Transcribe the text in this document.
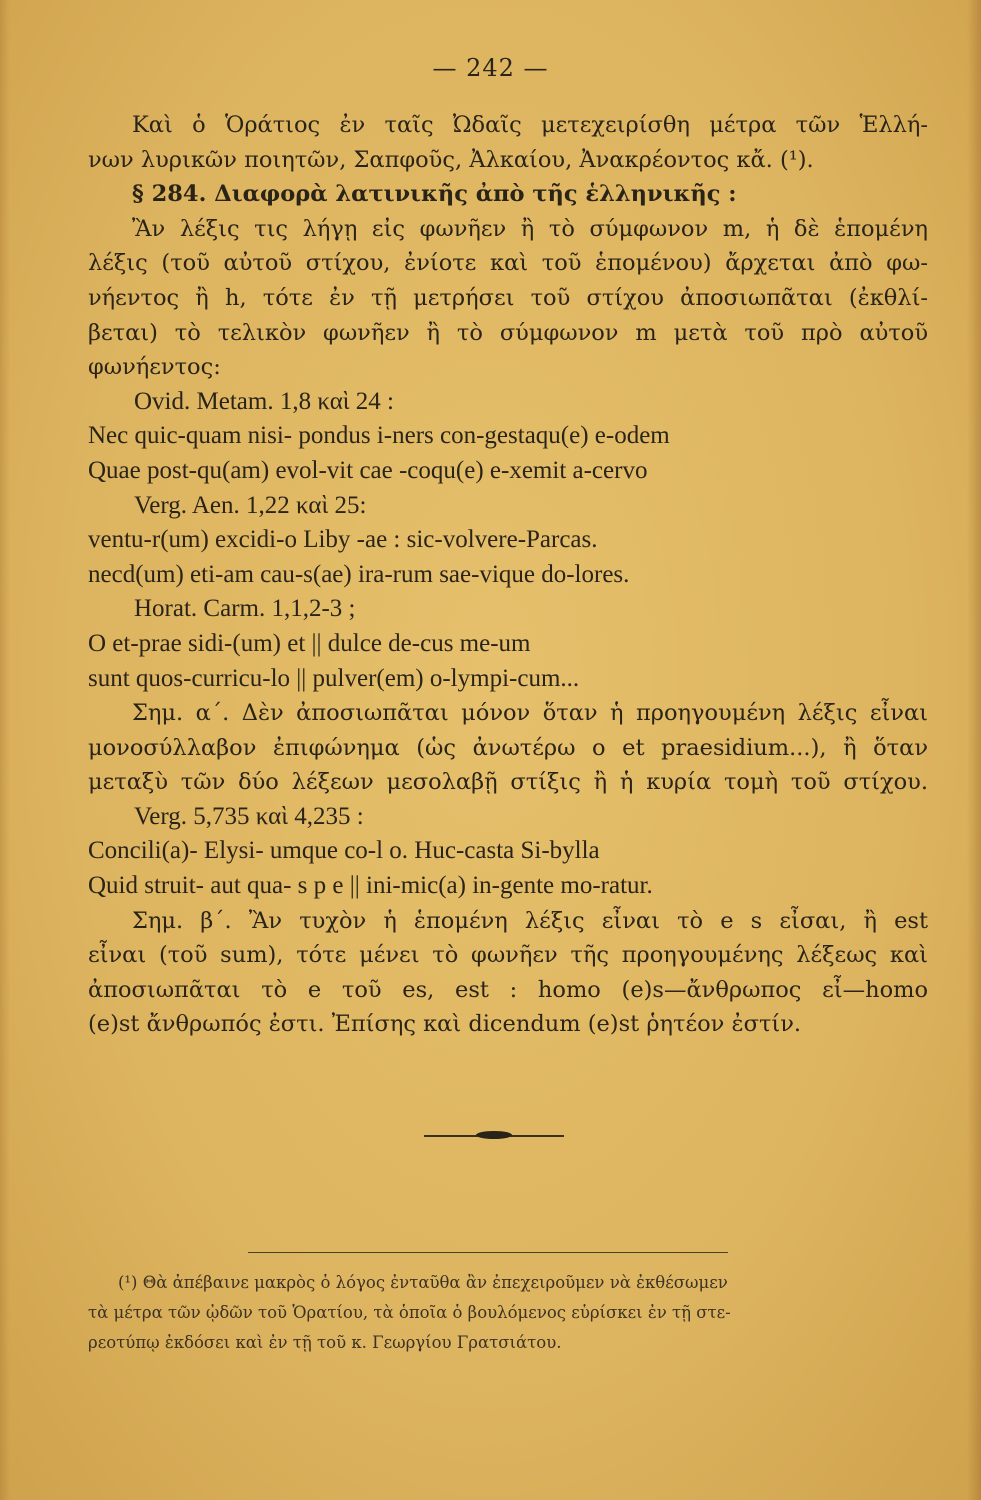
— 242 —
Καὶ ὁ Ὁράτιος ἐν ταῖς Ὠδαῖς μετεχειρίσθη μέτρα τῶν Ἑλλή-
νων λυρικῶν ποιητῶν, Σαπφοῦς, Ἀλκαίου, Ἀνακρέοντος κἄ. (¹).
§ 284. Διαφορὰ λατινικῆς ἀπὸ τῆς ἑλληνικῆς :
Ἂν λέξις τις λήγῃ εἰς φωνῆεν ἢ τὸ σύμφωνον m, ἡ δὲ ἑπομένη
λέξις (τοῦ αὐτοῦ στίχου, ἐνίοτε καὶ τοῦ ἑπομένου) ἄρχεται ἀπὸ φω-
νήεντος ἢ h, τότε ἐν τῇ μετρήσει τοῦ στίχου ἀποσιωπᾶται (ἐκθλί-
βεται) τὸ τελικὸν φωνῆεν ἢ τὸ σύμφωνον m μετὰ τοῦ πρὸ αὐτοῦ
φωνήεντος:
Ovid. Metam. 1,8 καὶ 24 :
Nec quic-quam nisi- pondus i-ners con-gestaqu(e) e-odem
Quae post-qu(am) evol-vit cae -coqu(e) e-xemit a-cervo
Verg. Aen. 1,22 καὶ 25:
ventu-r(um) excidi-o Liby -ae : sic-volvere-Parcas.
necd(um) eti-am cau-s(ae) ira-rum sae-vique do-lores.
Horat. Carm. 1,1,2-3 ;
O et-prae sidi-(um) et || dulce de-cus me-um
sunt quos-curricu-lo || pulver(em) o-lympi-cum...
Σημ. α΄. Δὲν ἀποσιωπᾶται μόνον ὅταν ἡ προηγουμένη λέξις εἶναι
μονοσύλλαβον ἐπιφώνημα (ὡς ἀνωτέρω o et praesidium...), ἢ ὅταν
μεταξὺ τῶν δύο λέξεων μεσολαβῇ στίξις ἢ ἡ κυρία τομὴ τοῦ στίχου.
Verg. 5,735 καὶ 4,235 :
Concili(a)- Elysi- umque co-l o. Huc-casta Si-bylla
Quid struit- aut qua- s p e || ini-mic(a) in-gente mo-ratur.
Σημ. β΄. Ἂν τυχὸν ἡ ἑπομένη λέξις εἶναι τὸ e s εἶσαι, ἢ est
εἶναι (τοῦ sum), τότε μένει τὸ φωνῆεν τῆς προηγουμένης λέξεως καὶ
ἀποσιωπᾶται τὸ e τοῦ es, est : homo (e)s—ἄνθρωπος εἶ—homo
(e)st ἄνθρωπός ἐστι. Ἐπίσης καὶ dicendum (e)st ῥητέον ἐστίν.
(¹) Θὰ ἀπέβαινε μακρὸς ὁ λόγος ἐνταῦθα ἂν ἐπεχειροῦμεν νὰ ἐκθέσωμεν
τὰ μέτρα τῶν ᾠδῶν τοῦ Ὁρατίου, τὰ ὁποῖα ὁ βουλόμενος εὑρίσκει ἐν τῇ στε-
ρεοτύπῳ ἐκδόσει καὶ ἐν τῇ τοῦ κ. Γεωργίου Γρατσιάτου.
